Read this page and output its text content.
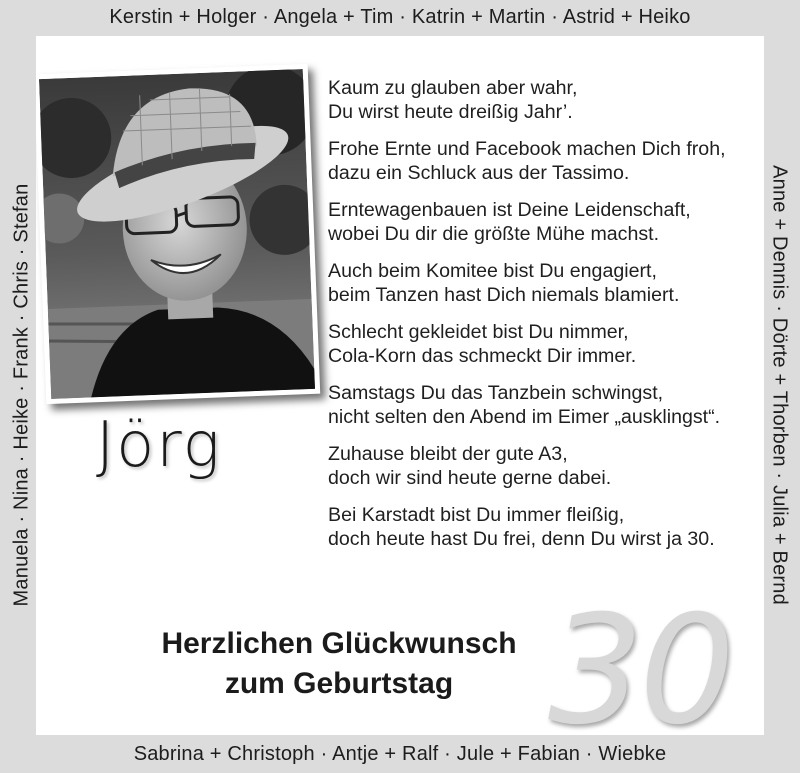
Kerstin + Holger · Angela + Tim · Katrin + Martin · Astrid + Heiko
Manuela · Nina · Heike · Frank · Chris · Stefan	Anne + Dennis · Dörte + Thorben · Julia + Bernd
Sabrina + Christoph · Antje + Ralf · Jule + Fabian · Wiebke
Jörg

Kaum zu glauben aber wahr,
Du wirst heute dreißig Jahr’.

Frohe Ernte und Facebook machen Dich froh,
dazu ein Schluck aus der Tassimo.

Erntewagenbauen ist Deine Leidenschaft,
wobei Du dir die größte Mühe machst.

Auch beim Komitee bist Du engagiert,
beim Tanzen hast Dich niemals blamiert.

Schlecht gekleidet bist Du nimmer,
Cola-Korn das schmeckt Dir immer.

Samstags Du das Tanzbein schwingst,
nicht selten den Abend im Eimer „ausklingst“.

Zuhause bleibt der gute A3,
doch wir sind heute gerne dabei.

Bei Karstadt bist Du immer fleißig,
doch heute hast Du frei, denn Du wirst ja 30.

30
Herzlichen Glückwunsch
zum Geburtstag
